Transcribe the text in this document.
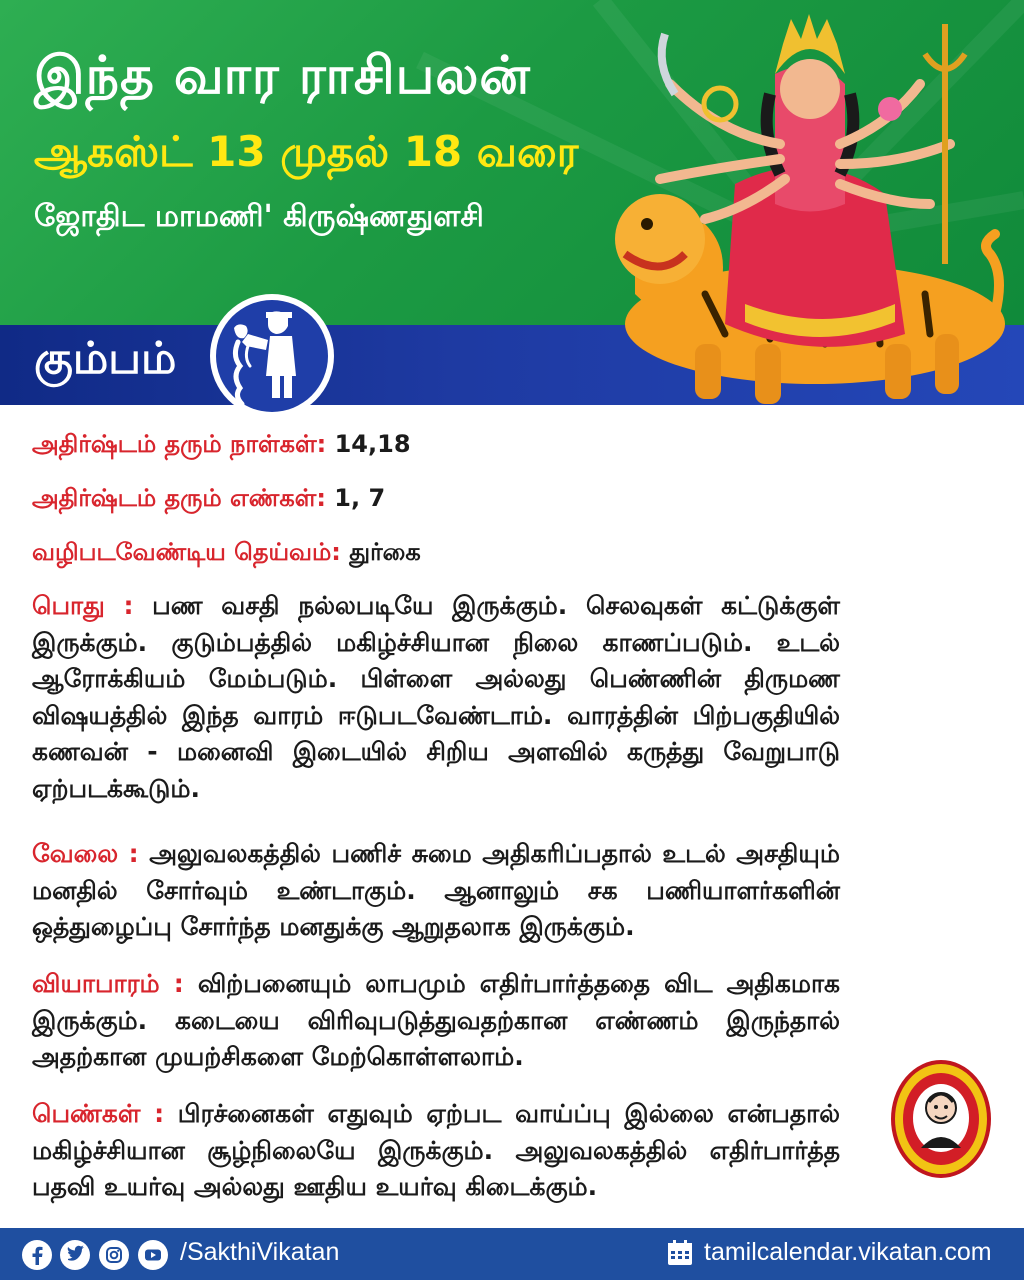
இந்த வார ராசிபலன்
ஆகஸ்ட் 13 முதல் 18 வரை
ஜோதிட மாமணி' கிருஷ்ணதுளசி
கும்பம்
அதிர்ஷ்டம் தரும் நாள்கள்: 14,18
அதிர்ஷ்டம் தரும் எண்கள்: 1, 7
வழிபடவேண்டிய தெய்வம்: துர்கை
பொது : பண வசதி நல்லபடியே இருக்கும். செலவுகள் கட்டுக்குள் இருக்கும். குடும்பத்தில் மகிழ்ச்சியான நிலை காணப்படும். உடல் ஆரோக்கியம் மேம்படும். பிள்ளை அல்லது பெண்ணின் திருமண விஷயத்தில் இந்த வாரம் ஈடுபடவேண்டாம். வாரத்தின் பிற்பகுதியில் கணவன் - மனைவி இடையில் சிறிய அளவில் கருத்து வேறுபாடு ஏற்படக்கூடும்.
வேலை : அலுவலகத்தில் பணிச் சுமை அதிகரிப்பதால் உடல் அசதியும் மனதில் சோர்வும் உண்டாகும். ஆனாலும் சக பணியாளர்களின் ஒத்துழைப்பு சோர்ந்த மனதுக்கு ஆறுதலாக இருக்கும்.
வியாபாரம் : விற்பனையும் லாபமும் எதிர்பார்த்ததை விட அதிகமாக இருக்கும். கடையை விரிவுபடுத்துவதற்கான எண்ணம் இருந்தால் அதற்கான முயற்சிகளை மேற்கொள்ளலாம்.
பெண்கள் : பிரச்னைகள் எதுவும் ஏற்பட வாய்ப்பு இல்லை என்பதால் மகிழ்ச்சியான சூழ்நிலையே இருக்கும். அலுவலகத்தில் எதிர்பார்த்த பதவி உயர்வு அல்லது ஊதிய உயர்வு கிடைக்கும்.
/SakthiVikatan	tamilcalendar.vikatan.com
